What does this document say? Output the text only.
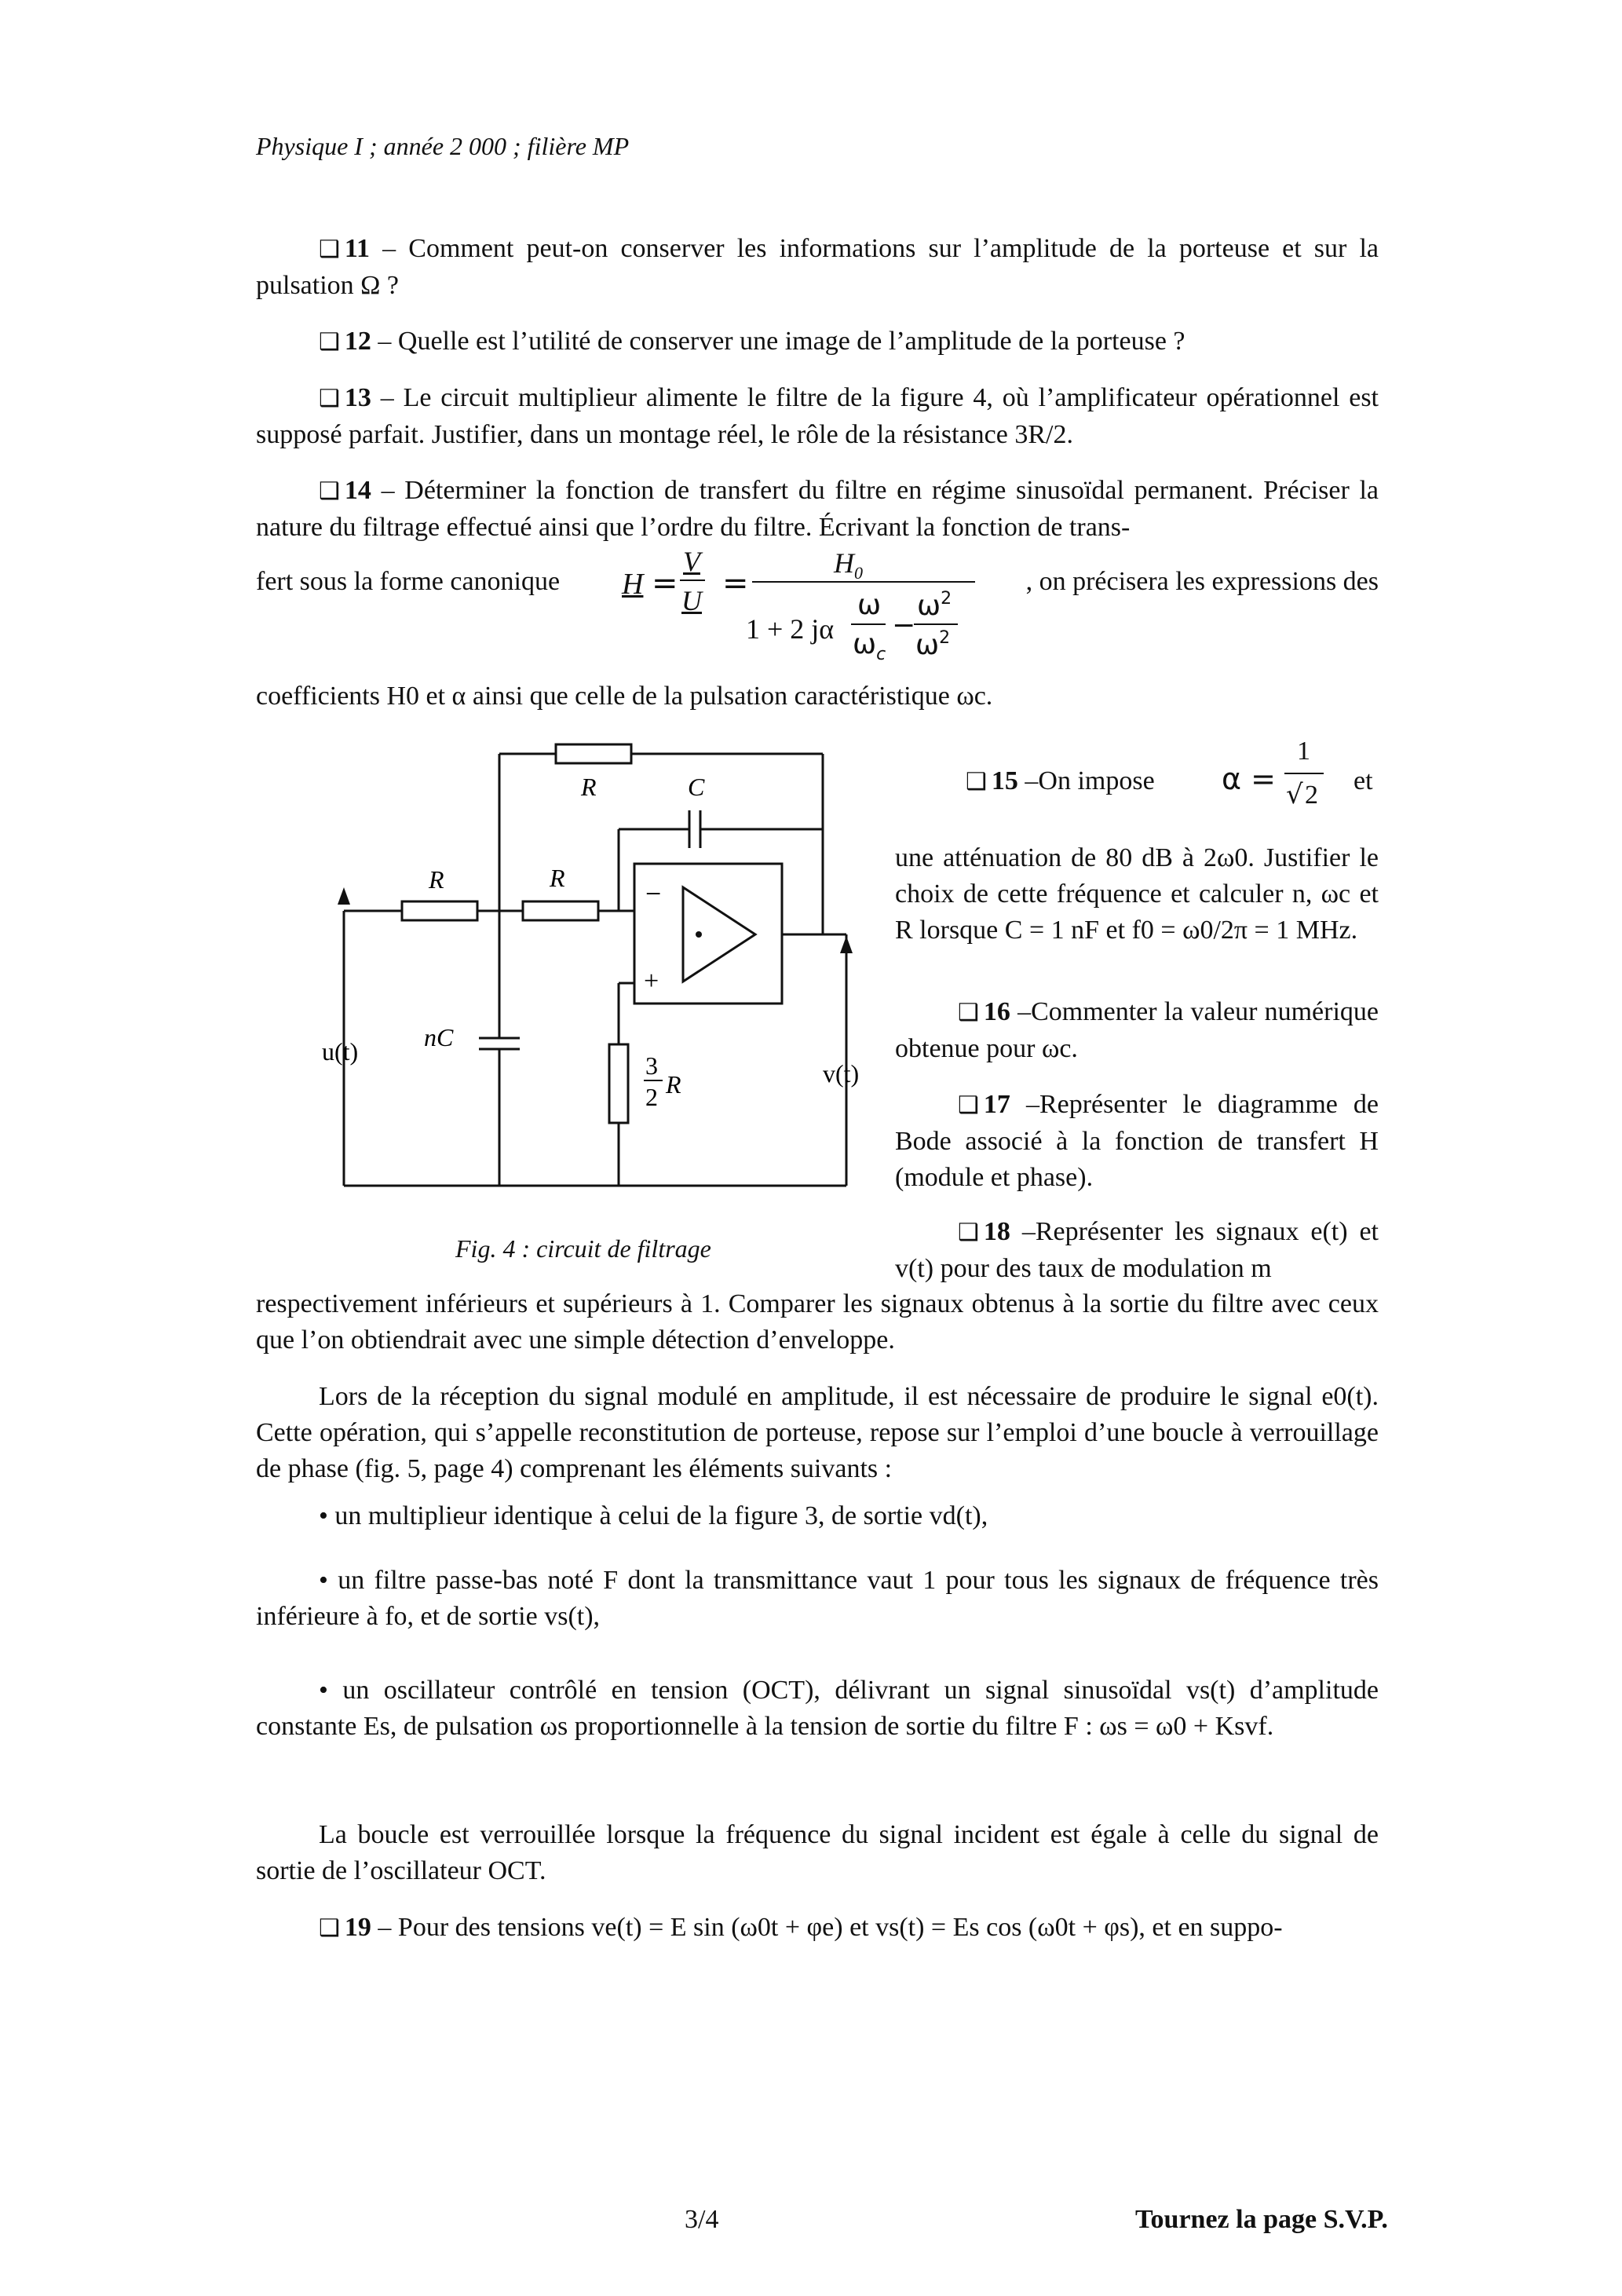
Physique I ; année 2 000 ; filière MP
❑ 11 – Comment peut-on conserver les informations sur l’amplitude de la porteuse et sur la pulsation Ω ?
❑ 12 – Quelle est l’utilité de conserver une image de l’amplitude de la porteuse ?
❑ 13 – Le circuit multiplieur alimente le filtre de la figure 4, où l’amplificateur opérationnel est supposé parfait. Justifier, dans un montage réel, le rôle de la résistance 3R/2.
❑ 14 – Déterminer la fonction de transfert du filtre en régime sinusoïdal permanent. Préciser la nature du filtrage effectué ainsi que l’ordre du filtre. Écrivant la fonction de trans-
fert sous la forme canonique H =
V
U =
$H_0$
1 + 2 jα
ω
$\omega_c$
−
$\omega^2$
$\omega^2$
, on précisera les expressions des
coefficients H0 et α ainsi que celle de la pulsation caractéristique ωc.
R	C
R	R	−
+
nC
u(t)
v(t)
3
2 R
Fig. 4 : circuit de filtrage
❑ 15 –On impose α =
1
√ 2 et
une atténuation de 80 dB à 2ω0. Justifier le choix de cette fréquence et calculer n, ωc et R lorsque C = 1 nF et f0 = ω0/2π = 1 MHz.
❑ 16 –Commenter la valeur numérique obtenue pour ωc.
❑ 17 –Représenter le diagramme de Bode associé à la fonction de transfert H (module et phase).
❑ 18 –Représenter les signaux e(t) et v(t) pour des taux de modulation m
respectivement inférieurs et supérieurs à 1. Comparer les signaux obtenus à la sortie du filtre avec ceux que l’on obtiendrait avec une simple détection d’enveloppe.
Lors de la réception du signal modulé en amplitude, il est nécessaire de produire le signal e0(t). Cette opération, qui s’appelle reconstitution de porteuse, repose sur l’emploi d’une boucle à verrouillage de phase (fig. 5, page 4) comprenant les éléments suivants :
• un multiplieur identique à celui de la figure 3, de sortie vd(t),
• un filtre passe-bas noté F dont la transmittance vaut 1 pour tous les signaux de fréquence très inférieure à fo, et de sortie vs(t),
• un oscillateur contrôlé en tension (OCT), délivrant un signal sinusoïdal vs(t) d’amplitude constante Es, de pulsation ωs proportionnelle à la tension de sortie du filtre F : ωs = ω0 + Ksvf.
La boucle est verrouillée lorsque la fréquence du signal incident est égale à celle du signal de sortie de l’oscillateur OCT.
❑ 19 – Pour des tensions ve(t) = E sin (ω0t + φe) et vs(t) = Es cos (ω0t + φs), et en suppo-
3/4	Tournez la page S.V.P.
